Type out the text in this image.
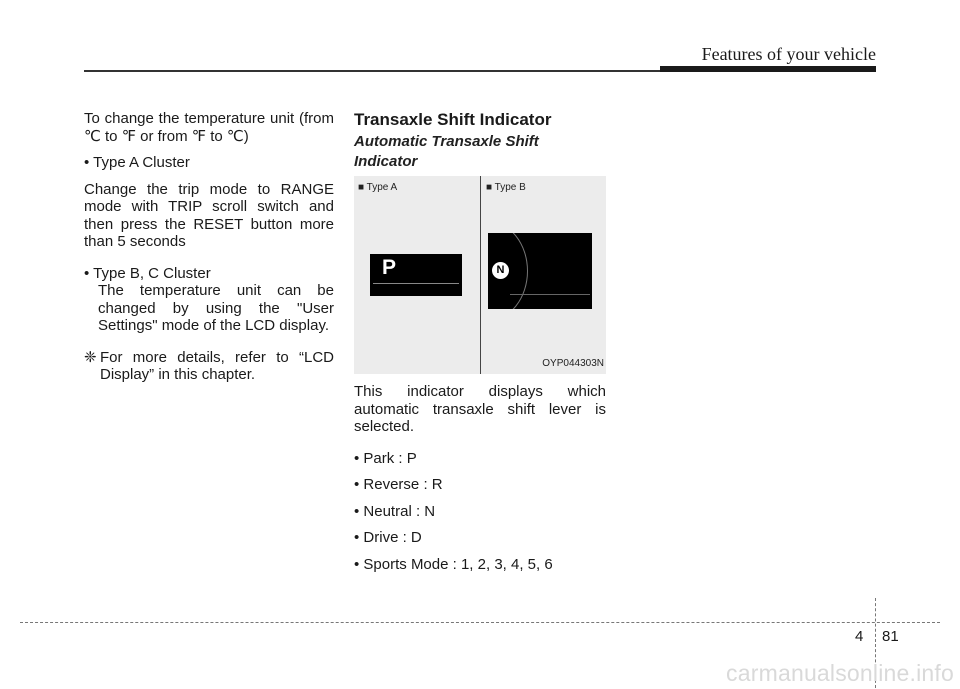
Features of your vehicle

To change the temperature unit (from ℃ to ℉ or from ℉ to ℃)

• Type A Cluster

Change the trip mode to RANGE mode with TRIP scroll switch and then press the RESET button more than 5 seconds

• Type B, C Cluster

The temperature unit can be changed by using the "User Settings" mode of the LCD display.

❈ For more details, refer to “LCD Display” in this chapter.
Transaxle Shift Indicator
Automatic Transaxle Shift Indicator
■ Type A	■ Type B
P	N
OYP044303N

This indicator displays which automatic transaxle shift lever is selected.

• Park : P

• Reverse : R

• Neutral : N

• Drive : D

• Sports Mode : 1, 2, 3, 4, 5, 6

4 81
carmanualsonline.info
